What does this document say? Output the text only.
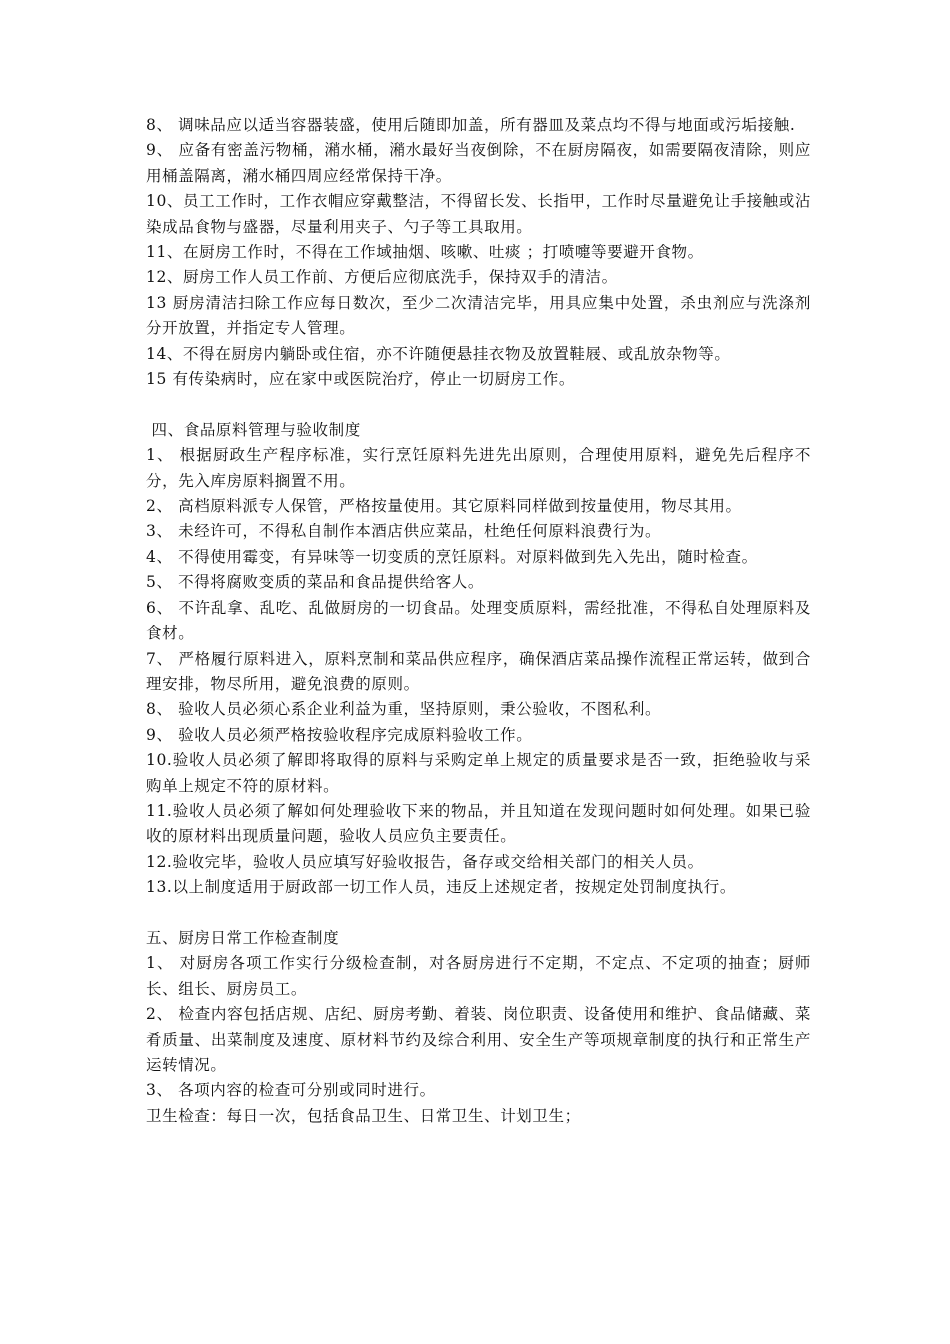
8、 调味品应以适当容器装盛，使用后随即加盖，所有器皿及菜点均不得与地面或污垢接触.

9、 应备有密盖污物桶，潲水桶，潲水最好当夜倒除，不在厨房隔夜，如需要隔夜清除，则应用桶盖隔离，潲水桶四周应经常保持干净。

10、员工工作时，工作衣帽应穿戴整洁，不得留长发、长指甲，工作时尽量避免让手接触或沾染成品食物与盛器，尽量利用夹子、勺子等工具取用。

11、在厨房工作时，不得在工作域抽烟、咳嗽、吐痰 ；打喷嚏等要避开食物。

12、厨房工作人员工作前、方便后应彻底洗手，保持双手的清洁。

13 厨房清洁扫除工作应每日数次，至少二次清洁完毕，用具应集中处置，杀虫剂应与洗涤剂分开放置，并指定专人管理。

14、不得在厨房内躺卧或住宿，亦不许随便悬挂衣物及放置鞋屐、或乱放杂物等。

15 有传染病时，应在家中或医院治疗，停止一切厨房工作。

四、食品原料管理与验收制度

1、 根据厨政生产程序标准，实行烹饪原料先进先出原则，合理使用原料，避免先后程序不分，先入库房原料搁置不用。

2、 高档原料派专人保管，严格按量使用。其它原料同样做到按量使用，物尽其用。

3、 未经许可，不得私自制作本酒店供应菜品，杜绝任何原料浪费行为。

4、 不得使用霉变，有异味等一切变质的烹饪原料。对原料做到先入先出，随时检查。

5、 不得将腐败变质的菜品和食品提供给客人。

6、 不许乱拿、乱吃、乱做厨房的一切食品。处理变质原料，需经批准，不得私自处理原料及食材。

7、 严格履行原料进入，原料烹制和菜品供应程序，确保酒店菜品操作流程正常运转，做到合理安排，物尽所用，避免浪费的原则。

8、 验收人员必须心系企业利益为重，坚持原则，秉公验收，不图私利。

9、 验收人员必须严格按验收程序完成原料验收工作。

10.验收人员必须了解即将取得的原料与采购定单上规定的质量要求是否一致，拒绝验收与采购单上规定不符的原材料。

11.验收人员必须了解如何处理验收下来的物品，并且知道在发现问题时如何处理。如果已验收的原材料出现质量问题，验收人员应负主要责任。

12.验收完毕，验收人员应填写好验收报告，备存或交给相关部门的相关人员。

13.以上制度适用于厨政部一切工作人员，违反上述规定者，按规定处罚制度执行。

五、厨房日常工作检查制度

1、 对厨房各项工作实行分级检查制，对各厨房进行不定期，不定点、不定项的抽查；厨师长、组长、厨房员工。

2、 检查内容包括店规、店纪、厨房考勤、着装、岗位职责、设备使用和维护、食品储藏、菜肴质量、出菜制度及速度、原材料节约及综合利用、安全生产等项规章制度的执行和正常生产运转情况。

3、 各项内容的检查可分别或同时进行。

卫生检查：每日一次，包括食品卫生、日常卫生、计划卫生；
